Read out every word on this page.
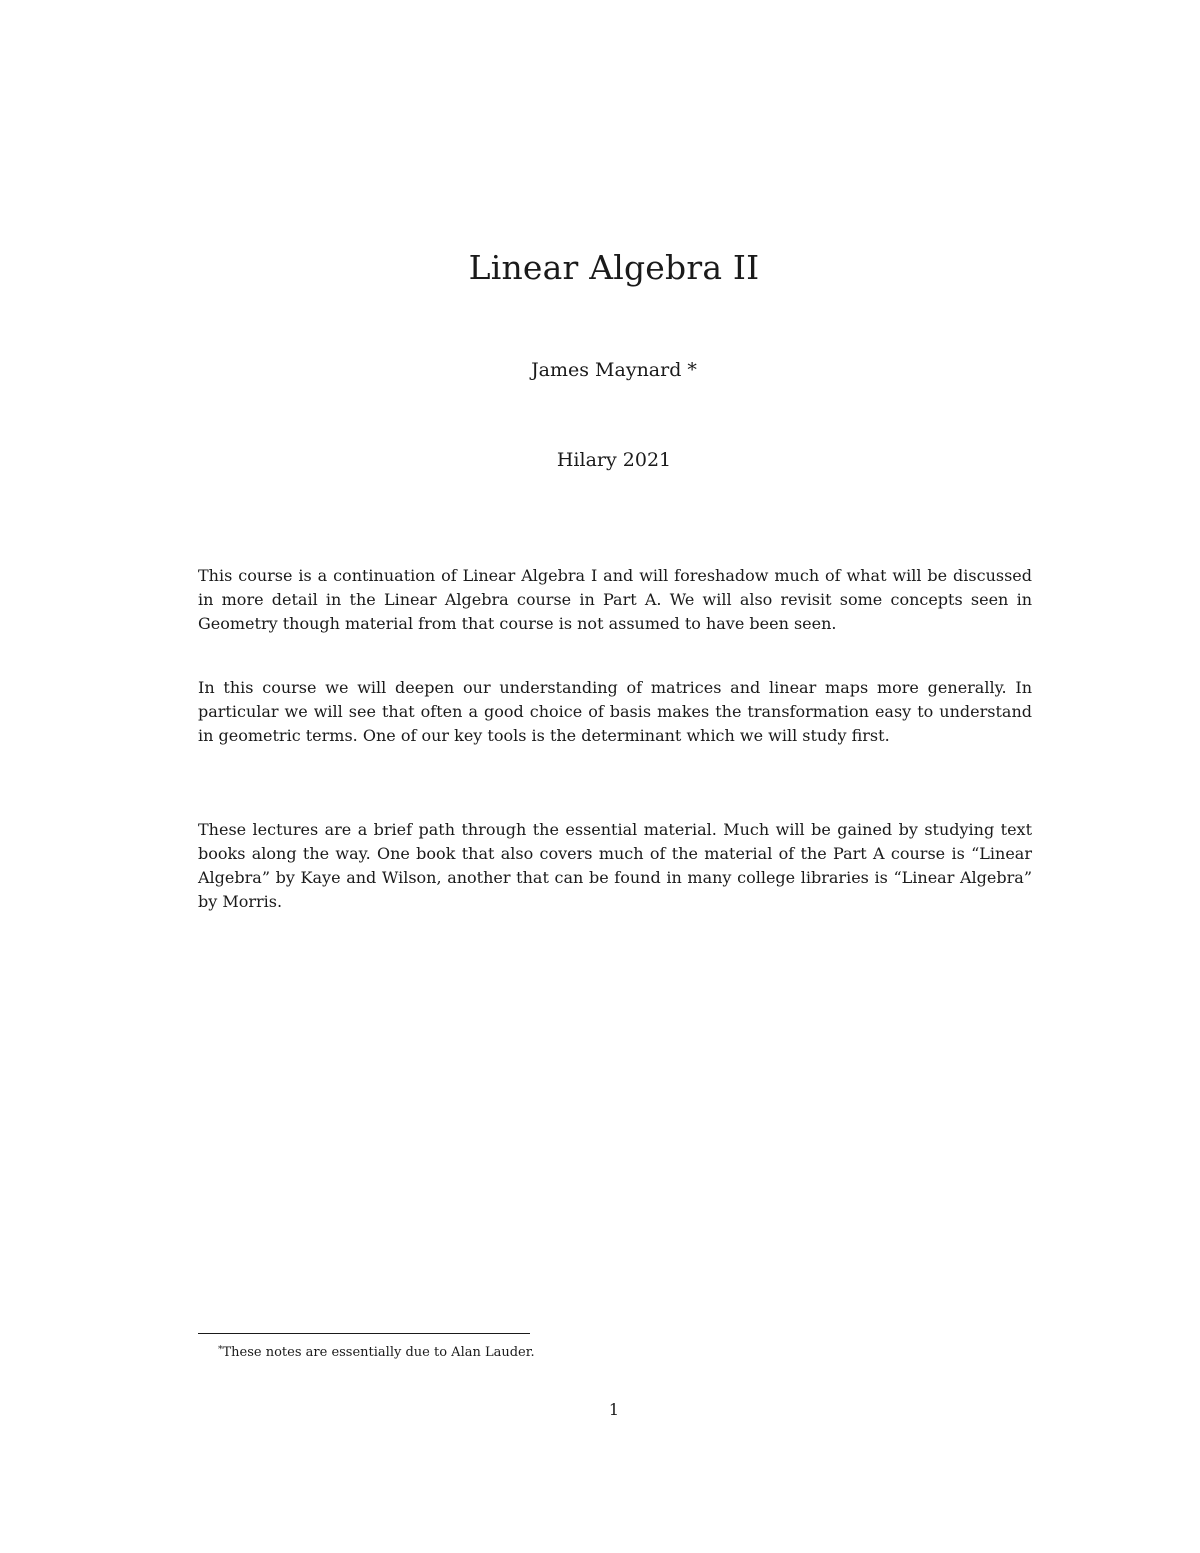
Linear Algebra II
James Maynard *
Hilary 2021

This course is a continuation of Linear Algebra I and will foreshadow much of what will be discussed in more detail in the Linear Algebra course in Part A. We will also revisit some concepts seen in Geometry though material from that course is not assumed to have been seen.

In this course we will deepen our understanding of matrices and linear maps more generally. In particular we will see that often a good choice of basis makes the transformation easy to understand in geometric terms. One of our key tools is the determinant which we will study first.

These lectures are a brief path through the essential material. Much will be gained by studying text books along the way. One book that also covers much of the material of the Part A course is “Linear Algebra” by Kaye and Wilson, another that can be found in many college libraries is “Linear Algebra” by Morris.

*These notes are essentially due to Alan Lauder.
1
